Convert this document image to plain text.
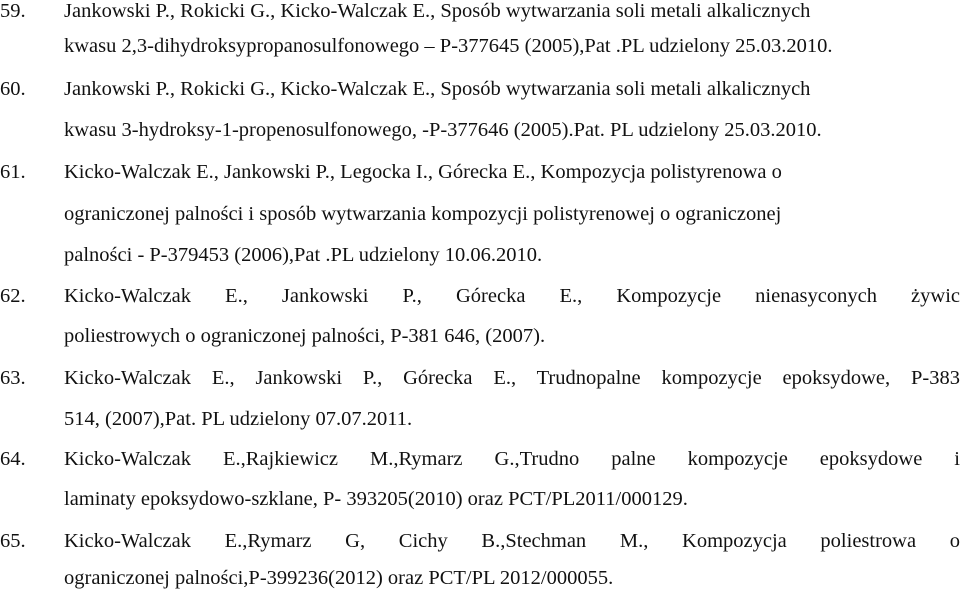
59. Jankowski P., Rokicki G., Kicko-Walczak E., Sposób wytwarzania soli metali alkalicznych
kwasu 2,3-dihydroksypropanosulfonowego – P-377645 (2005),Pat .PL udzielony 25.03.2010.
60. Jankowski P., Rokicki G., Kicko-Walczak E., Sposób wytwarzania soli metali alkalicznych
kwasu 3-hydroksy-1-propenosulfonowego, -P-377646 (2005).Pat. PL udzielony 25.03.2010.
61. Kicko-Walczak E., Jankowski P., Legocka I., Górecka E., Kompozycja polistyrenowa o
ograniczonej palności i sposób wytwarzania kompozycji polistyrenowej o ograniczonej
palności - P-379453 (2006),Pat .PL udzielony 10.06.2010.
62. Kicko-Walczak E., Jankowski P., Górecka E., Kompozycje nienasyconych żywic
poliestrowych o ograniczonej palności, P-381 646, (2007).
63. Kicko-Walczak E., Jankowski P., Górecka E., Trudnopalne kompozycje epoksydowe, P-383
514, (2007),Pat. PL udzielony 07.07.2011.
64. Kicko-Walczak E.,Rajkiewicz M.,Rymarz G.,Trudno palne kompozycje epoksydowe i
laminaty epoksydowo-szklane, P- 393205(2010) oraz PCT/PL2011/000129.
65. Kicko-Walczak E.,Rymarz G, Cichy B.,Stechman M., Kompozycja poliestrowa o
ograniczonej palności,P-399236(2012) oraz PCT/PL 2012/000055.
